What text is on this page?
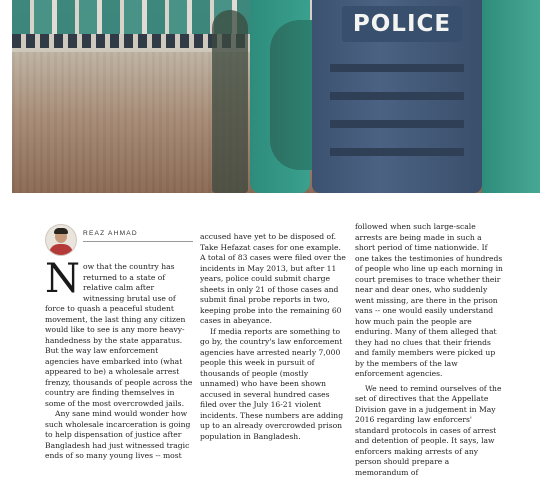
POLICE
REAZ AHMAD

Now that the country has returned to a state of relative calm after witnessing brutal use of force to quash a peaceful student movement, the last thing any citizen would like to see is any more heavy-handedness by the state apparatus. But the way law enforcement agencies have embarked into (what appeared to be) a wholesale arrest frenzy, thousands of people across the country are finding themselves in some of the most overcrowded jails.

Any sane mind would wonder how such wholesale incarceration is going to help dispensation of justice after Bangladesh had just witnessed tragic ends of so many young lives -- most

accused have yet to be disposed of. Take Hefazat cases for one example. A total of 83 cases were filed over the incidents in May 2013, but after 11 years, police could submit charge sheets in only 21 of those cases and submit final probe reports in two, keeping probe into the remaining 60 cases in abeyance.

If media reports are something to go by, the country's law enforcement agencies have arrested nearly 7,000 people this week in pursuit of thousands of people (mostly unnamed) who have been shown accused in several hundred cases filed over the July 16-21 violent incidents. These numbers are adding up to an already overcrowded prison population in Bangladesh.

followed when such large-scale arrests are being made in such a short period of time nationwide. If one takes the testimonies of hundreds of people who line up each morning in court premises to trace whether their near and dear ones, who suddenly went missing, are there in the prison vans -- one would easily understand how much pain the people are enduring. Many of them alleged that they had no clues that their friends and family members were picked up by the members of the law enforcement agencies.

We need to remind ourselves of the set of directives that the Appellate Division gave in a judgement in May 2016 regarding law enforcers' standard protocols in cases of arrest and detention of people. It says, law enforcers making arrests of any person should prepare a memorandum of
